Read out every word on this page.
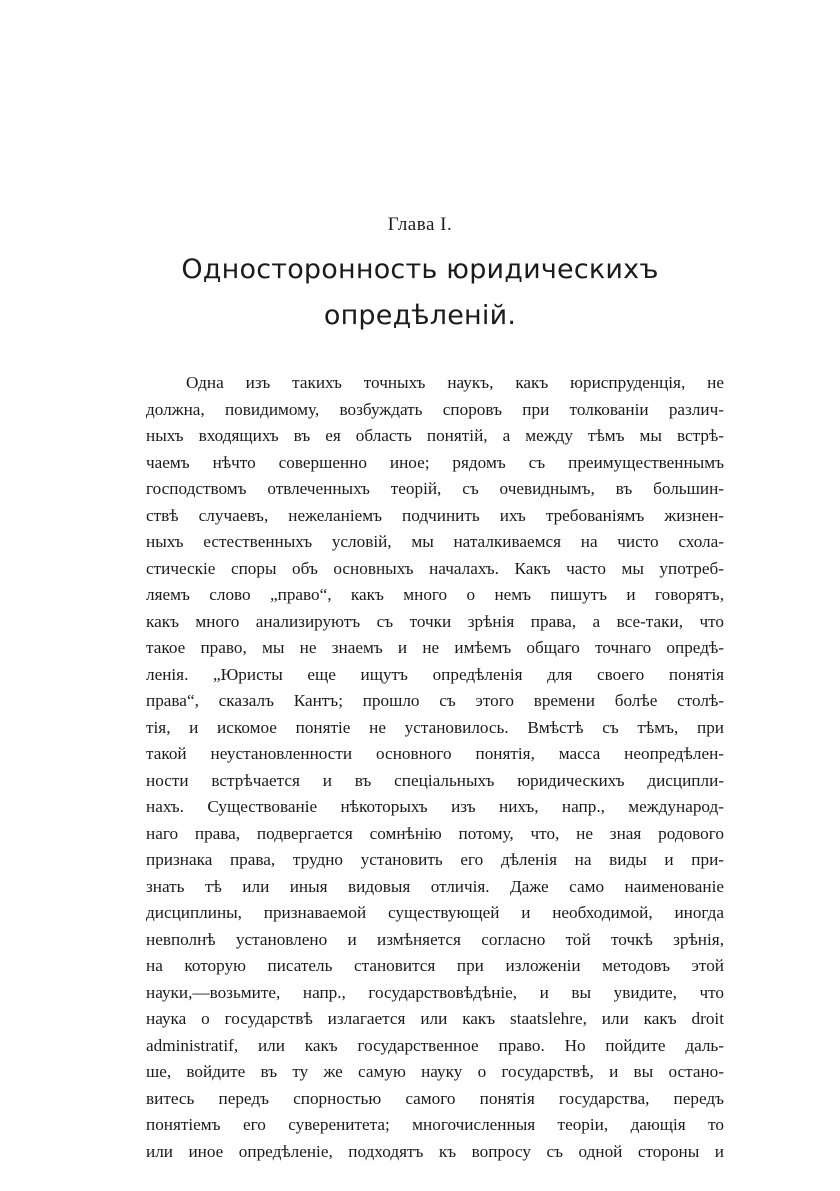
Глава I.
Односторонность юридическихъ
опредѣленій.
Одна изъ такихъ точныхъ наукъ, какъ юриспруденція, не
должна, повидимому, возбуждать споровъ при толкованіи различ-
ныхъ входящихъ въ ея область понятій, а между тѣмъ мы встрѣ-
чаемъ нѣчто совершенно иное; рядомъ съ преимущественнымъ
господствомъ отвлеченныхъ теорій, съ очевиднымъ, въ большин-
ствѣ случаевъ, нежеланіемъ подчинить ихъ требованіямъ жизнен-
ныхъ естественныхъ условій, мы наталкиваемся на чисто схола-
стическіе споры объ основныхъ началахъ. Какъ часто мы употреб-
ляемъ слово „право“, какъ много о немъ пишутъ и говорятъ,
какъ много анализируютъ съ точки зрѣнія права, а все-таки, что
такое право, мы не знаемъ и не имѣемъ общаго точнаго опредѣ-
ленія. „Юристы еще ищутъ опредѣленія для своего понятія
права“, сказалъ Кантъ; прошло съ этого времени болѣе столѣ-
тія, и искомое понятіе не установилось. Вмѣстѣ съ тѣмъ, при
такой неустановленности основного понятія, масса неопредѣлен-
ности встрѣчается и въ спеціальныхъ юридическихъ дисципли-
нахъ. Существованіе нѣкоторыхъ изъ нихъ, напр., международ-
наго права, подвергается сомнѣнію потому, что, не зная родового
признака права, трудно установить его дѣленія на виды и при-
знать тѣ или иныя видовыя отличія. Даже само наименованіе
дисциплины, признаваемой существующей и необходимой, иногда
невполнѣ установлено и измѣняется согласно той точкѣ зрѣнія,
на которую писатель становится при изложеніи методовъ этой
науки,—возьмите, напр., государствовѣдѣніе, и вы увидите, что
наука о государствѣ излагается или какъ staatslehre, или какъ droit
administratif, или какъ государственное право. Но пойдите даль-
ше, войдите въ ту же самую науку о государствѣ, и вы остано-
витесь передъ спорностью самого понятія государства, передъ
понятіемъ его суверенитета; многочисленныя теоріи, дающія то
или иное опредѣленіе, подходятъ къ вопросу съ одной стороны и
